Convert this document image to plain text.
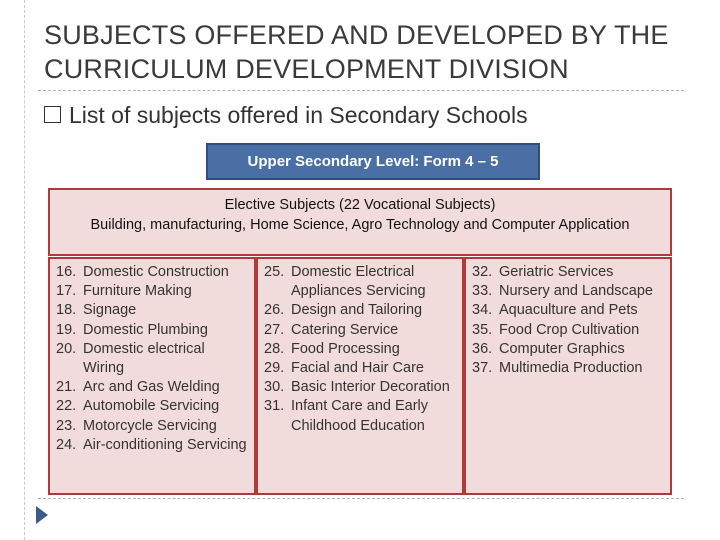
SUBJECTS OFFERED AND DEVELOPED BY THE CURRICULUM DEVELOPMENT DIVISION
List of subjects offered in Secondary Schools
Upper Secondary Level: Form 4 – 5
Elective Subjects (22 Vocational Subjects)
Building, manufacturing, Home Science, Agro Technology and Computer Application
16. Domestic Construction
17. Furniture Making
18. Signage
19. Domestic Plumbing
20. Domestic electrical Wiring
21. Arc and Gas Welding
22. Automobile Servicing
23. Motorcycle Servicing
24. Air-conditioning Servicing
25. Domestic Electrical Appliances Servicing
26. Design and Tailoring
27. Catering Service
28. Food Processing
29. Facial and Hair Care
30. Basic Interior Decoration
31. Infant Care and Early Childhood Education
32. Geriatric Services
33. Nursery and Landscape
34. Aquaculture and Pets
35. Food Crop Cultivation
36. Computer Graphics
37. Multimedia Production
